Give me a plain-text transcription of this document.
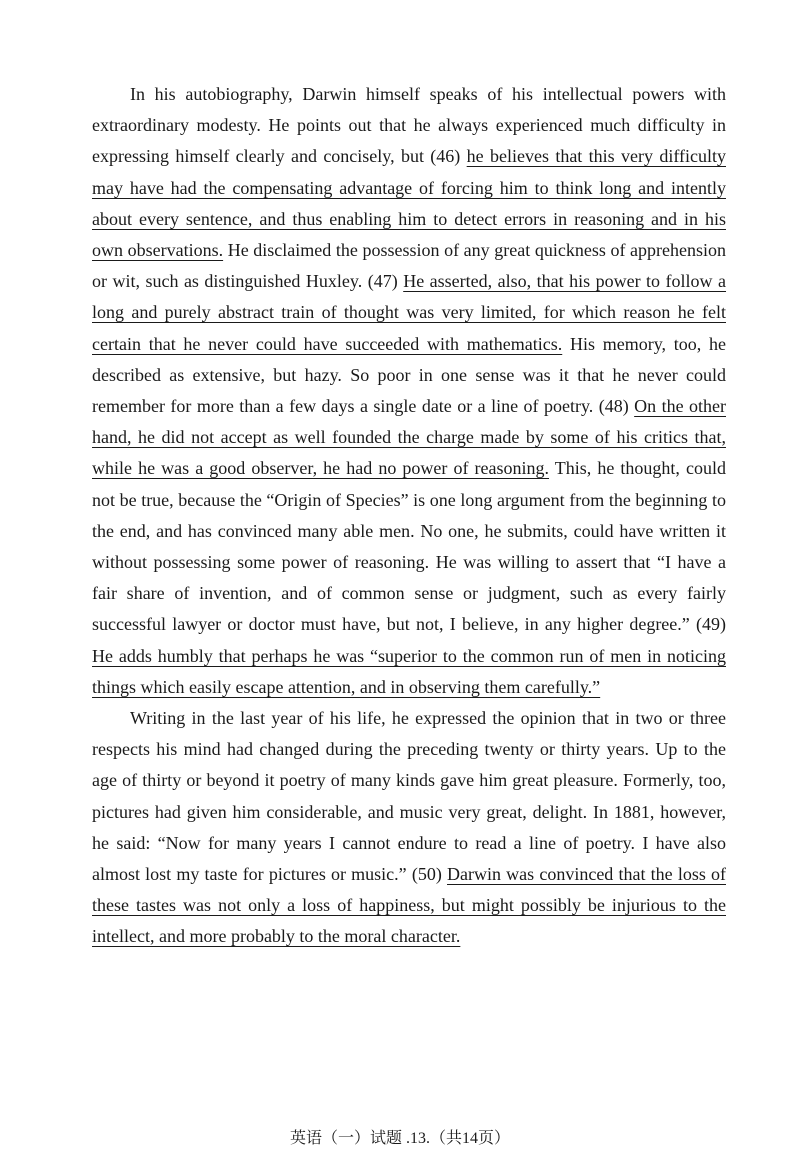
In his autobiography, Darwin himself speaks of his intellectual powers with extraordinary modesty. He points out that he always experienced much difficulty in expressing himself clearly and concisely, but (46) he believes that this very difficulty may have had the compensating advantage of forcing him to think long and intently about every sentence, and thus enabling him to detect errors in reasoning and in his own observations. He disclaimed the possession of any great quickness of apprehension or wit, such as distinguished Huxley. (47) He asserted, also, that his power to follow a long and purely abstract train of thought was very limited, for which reason he felt certain that he never could have succeeded with mathematics. His memory, too, he described as extensive, but hazy. So poor in one sense was it that he never could remember for more than a few days a single date or a line of poetry. (48) On the other hand, he did not accept as well founded the charge made by some of his critics that, while he was a good observer, he had no power of reasoning. This, he thought, could not be true, because the “Origin of Species” is one long argument from the beginning to the end, and has convinced many able men. No one, he submits, could have written it without possessing some power of reasoning. He was willing to assert that “I have a fair share of invention, and of common sense or judgment, such as every fairly successful lawyer or doctor must have, but not, I believe, in any higher degree.” (49) He adds humbly that perhaps he was “superior to the common run of men in noticing things which easily escape attention, and in observing them carefully.”

Writing in the last year of his life, he expressed the opinion that in two or three respects his mind had changed during the preceding twenty or thirty years. Up to the age of thirty or beyond it poetry of many kinds gave him great pleasure. Formerly, too, pictures had given him considerable, and music very great, delight. In 1881, however, he said: “Now for many years I cannot endure to read a line of poetry. I have also almost lost my taste for pictures or music.” (50) Darwin was convinced that the loss of these tastes was not only a loss of happiness, but might possibly be injurious to the intellect, and more probably to the moral character.

英语（一）试题 .13.（共14页）
